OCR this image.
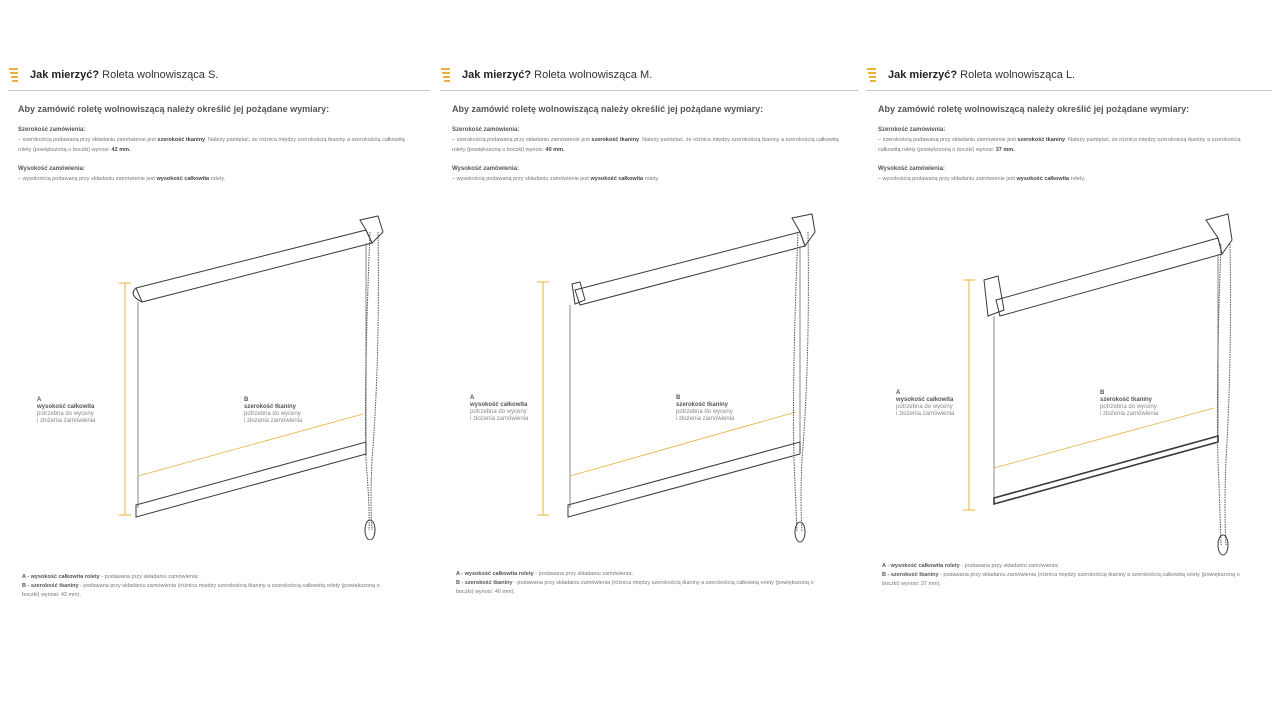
Jak mierzyć? Roleta wolnowisząca S.
Aby zamówić roletę wolnowiszącą należy określić jej pożądane wymiary:
Szerokość zamówienia:
– szerokością podawaną przy składaniu zamówienie jest szerokość tkaniny. Należy pamiętać, że różnica między szerokością tkaniny a szerokością całkowitą rolety (powiększoną o boczki) wynosi: 42 mm.
Wysokość zamówienia:
– wysokością podawaną przy składaniu zamówienie jest wysokość całkowita rolety.
A
wysokość całkowita
potrzebna do wyceny
i złożenia zamówienia
B
szerokość tkaniny
potrzebna do wyceny
i złożenia zamówienia
A - wysokość całkowita rolety - podawana przy składaniu zamówienia;
B - szerokość tkaniny - podawana przy składaniu zamówienia (różnica między szerokością tkaniny a szerokością całkowitą rolety (powiększoną o boczki) wynosi: 42 mm).
Jak mierzyć? Roleta wolnowisząca M.
Aby zamówić roletę wolnowiszącą należy określić jej pożądane wymiary:
Szerokość zamówienia:
– szerokością podawaną przy składaniu zamówienie jest szerokość tkaniny. Należy pamiętać, że różnica między szerokością tkaniny a szerokością całkowitą rolety (powiększoną o boczki) wynosi: 40 mm.
Wysokość zamówienia:
– wysokością podawaną przy składaniu zamówienie jest wysokość całkowita rolety.
A
wysokość całkowita
potrzebna do wyceny
i złożenia zamówienia
B
szerokość tkaniny
potrzebna do wyceny
i złożenia zamówienia
A - wysokość całkowita rolety - podawana przy składaniu zamówienia;
B - szerokość tkaniny - podawana przy składaniu zamówienia (różnica między szerokością tkaniny a szerokością całkowitą rolety (powiększoną o boczki) wynosi: 40 mm).
Jak mierzyć? Roleta wolnowisząca L.
Aby zamówić roletę wolnowiszącą należy określić jej pożądane wymiary:
Szerokość zamówienia:
– szerokością podawaną przy składaniu zamówienie jest szerokość tkaniny. Należy pamiętać, że różnica między szerokością tkaniny a szerokością całkowitą rolety (powiększoną o boczki) wynosi: 37 mm.
Wysokość zamówienia:
– wysokością podawaną przy składaniu zamówienie jest wysokość całkowita rolety.
A
wysokość całkowita
potrzebna do wyceny
i złożenia zamówienia
B
szerokość tkaniny
potrzebna do wyceny
i złożenia zamówienia
A - wysokość całkowita rolety - podawana przy składaniu zamówienia;
B - szerokość tkaniny - podawana przy składaniu zamówienia (różnica między szerokością tkaniny a szerokością całkowitą rolety (powiększoną o boczki) wynosi: 37 mm).
